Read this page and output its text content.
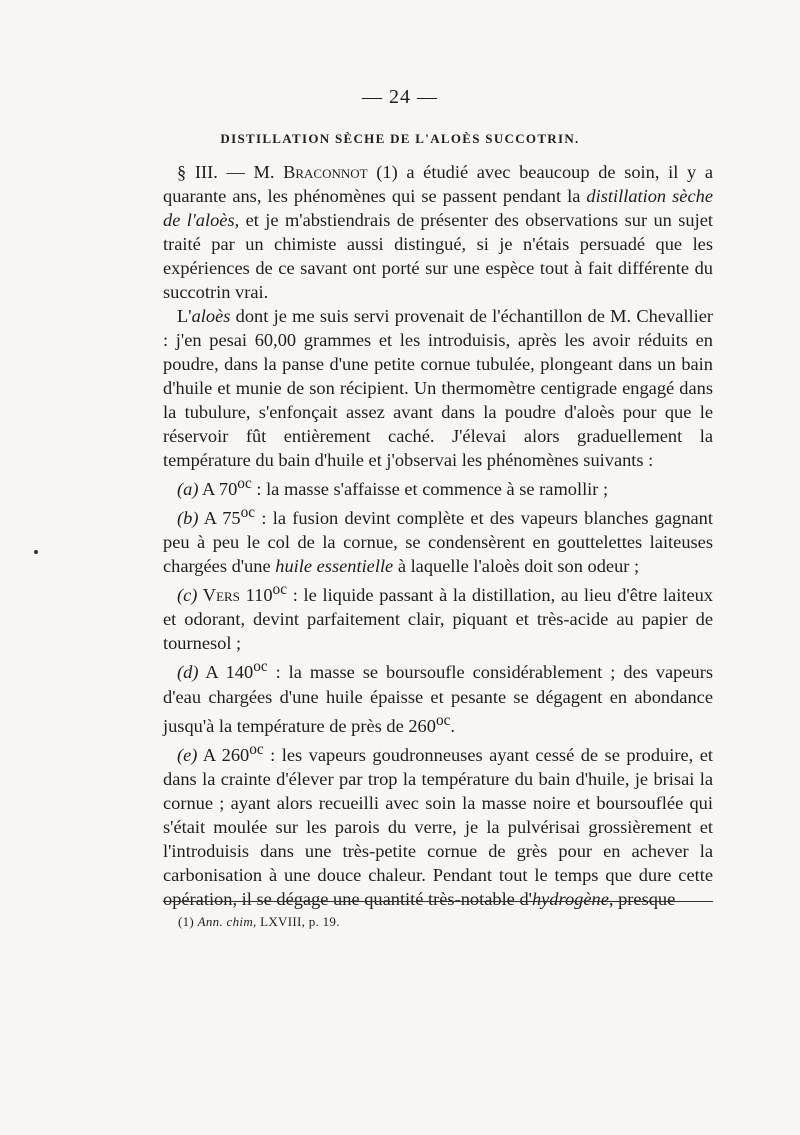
— 24 —
DISTILLATION SÈCHE DE L'ALOÈS SUCCOTRIN.

§ III. — M. Braconnot (1) a étudié avec beaucoup de soin, il y a quarante ans, les phénomènes qui se passent pendant la distillation sèche de l'aloès, et je m'abstiendrais de présenter des observations sur un sujet traité par un chimiste aussi distingué, si je n'étais persuadé que les expériences de ce savant ont porté sur une espèce tout à fait différente du succotrin vrai.

L'aloès dont je me suis servi provenait de l'échantillon de M. Chevallier : j'en pesai 60,00 grammes et les introduisis, après les avoir réduits en poudre, dans la panse d'une petite cornue tubulée, plongeant dans un bain d'huile et munie de son récipient. Un thermomètre centigrade engagé dans la tubulure, s'enfonçait assez avant dans la poudre d'aloès pour que le réservoir fût entièrement caché. J'élevai alors graduellement la température du bain d'huile et j'observai les phénomènes suivants :

(a) A $70^{oc}$ : la masse s'affaisse et commence à se ramollir ;

(b) A $75^{oc}$ : la fusion devint complète et des vapeurs blanches gagnant peu à peu le col de la cornue, se condensèrent en gouttelettes laiteuses chargées d'une huile essentielle à laquelle l'aloès doit son odeur ;

(c) Vers $110^{oc}$ : le liquide passant à la distillation, au lieu d'être laiteux et odorant, devint parfaitement clair, piquant et très-acide au papier de tournesol ;

(d) A $140^{oc}$ : la masse se boursoufle considérablement ; des vapeurs d'eau chargées d'une huile épaisse et pesante se dégagent en abondance jusqu'à la température de près de $260^{oc}$.

(e) A $260^{oc}$ : les vapeurs goudronneuses ayant cessé de se produire, et dans la crainte d'élever par trop la température du bain d'huile, je brisai la cornue ; ayant alors recueilli avec soin la masse noire et boursouflée qui s'était moulée sur les parois du verre, je la pulvérisai grossièrement et l'introduisis dans une très-petite cornue de grès pour en achever la carbonisation à une douce chaleur. Pendant tout le temps que dure cette opération, il se dégage une quantité très-notable d'hydrogène, presque

(1) Ann. chim, LXVIII, p. 19.
